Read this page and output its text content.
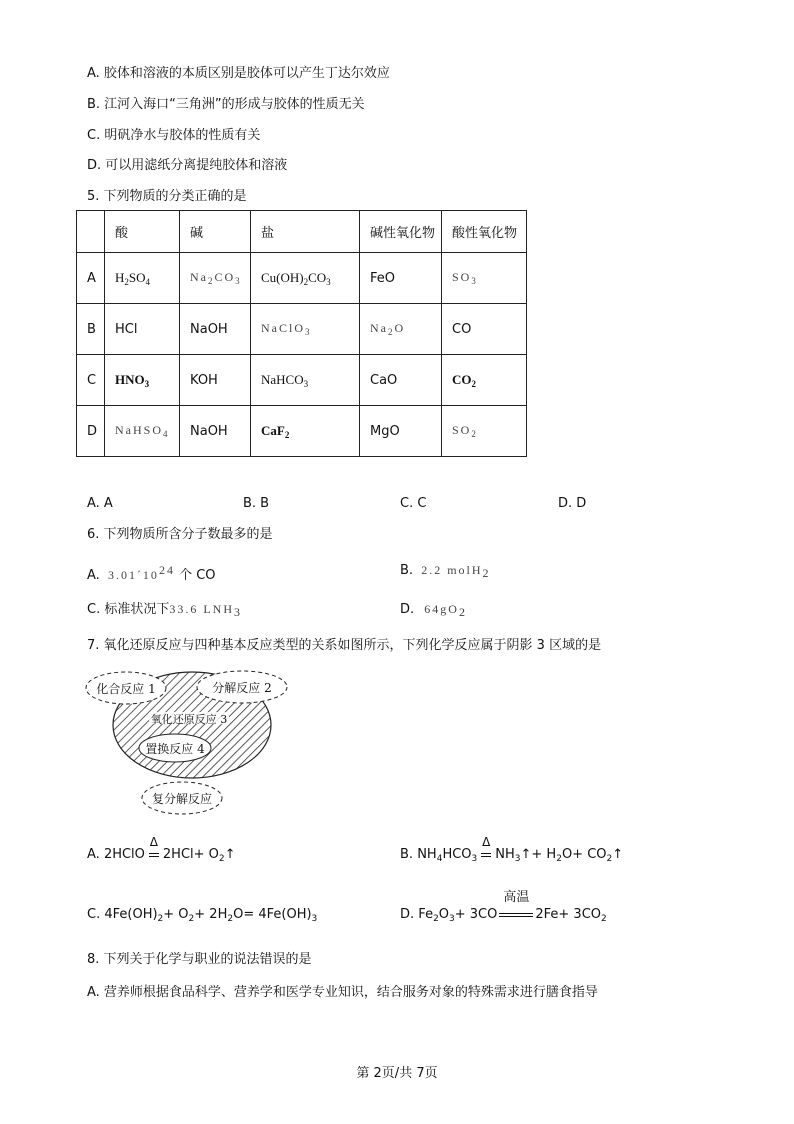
A. 胶体和溶液的本质区别是胶体可以产生丁达尔效应
B. 江河入海口“三角洲”的形成与胶体的性质无关
C. 明矾净水与胶体的性质有关
D. 可以用滤纸分离提纯胶体和溶液
5. 下列物质的分类正确的是
	酸	碱	盐	碱性氧化物	酸性氧化物
A	$H_2SO_4$	$Na_2CO_3$	$Cu(OH)_2CO_3$	FeO	$SO_3$
B	HCl	NaOH	NaClO$_3$	$Na_2O$	CO
C	$HNO_3$	KOH	NaHCO$_3$	CaO	$CO_2$
D	NaHSO$_4$	NaOH	CaF$_2$	MgO	$SO_2$
A. A	B. B	C. C	D. D
6. 下列物质所含分子数最多的是
A. $3.01´10^{24}$ 个 CO	B. 2.2 molH$_2$
C. 标准状况下33.6 $LNH_3$	D. $64gO_2$
7. 氧化还原反应与四种基本反应类型的关系如图所示，下列化学反应属于阴影 3 区域的是
化合反应 1	分解反应 2
氧化还原反应 3
置换反应 4
复分解反应
A. 2HClO
Δ
$2HCl+ O_2↑$	B. $NH_4HCO_3$
Δ
$NH_3↑+ H_2O+$ $CO_2↑$
C. $4Fe(OH)_2+ O_2+ 2H_2O= 4Fe(OH)_3$	D. $Fe_2O_3+ 3CO$
高温
$2Fe+ 3CO_2$
8. 下列关于化学与职业的说法错误的是
A. 营养师根据食品科学、营养学和医学专业知识，结合服务对象的特殊需求进行膳食指导
第 2页/共 7页
